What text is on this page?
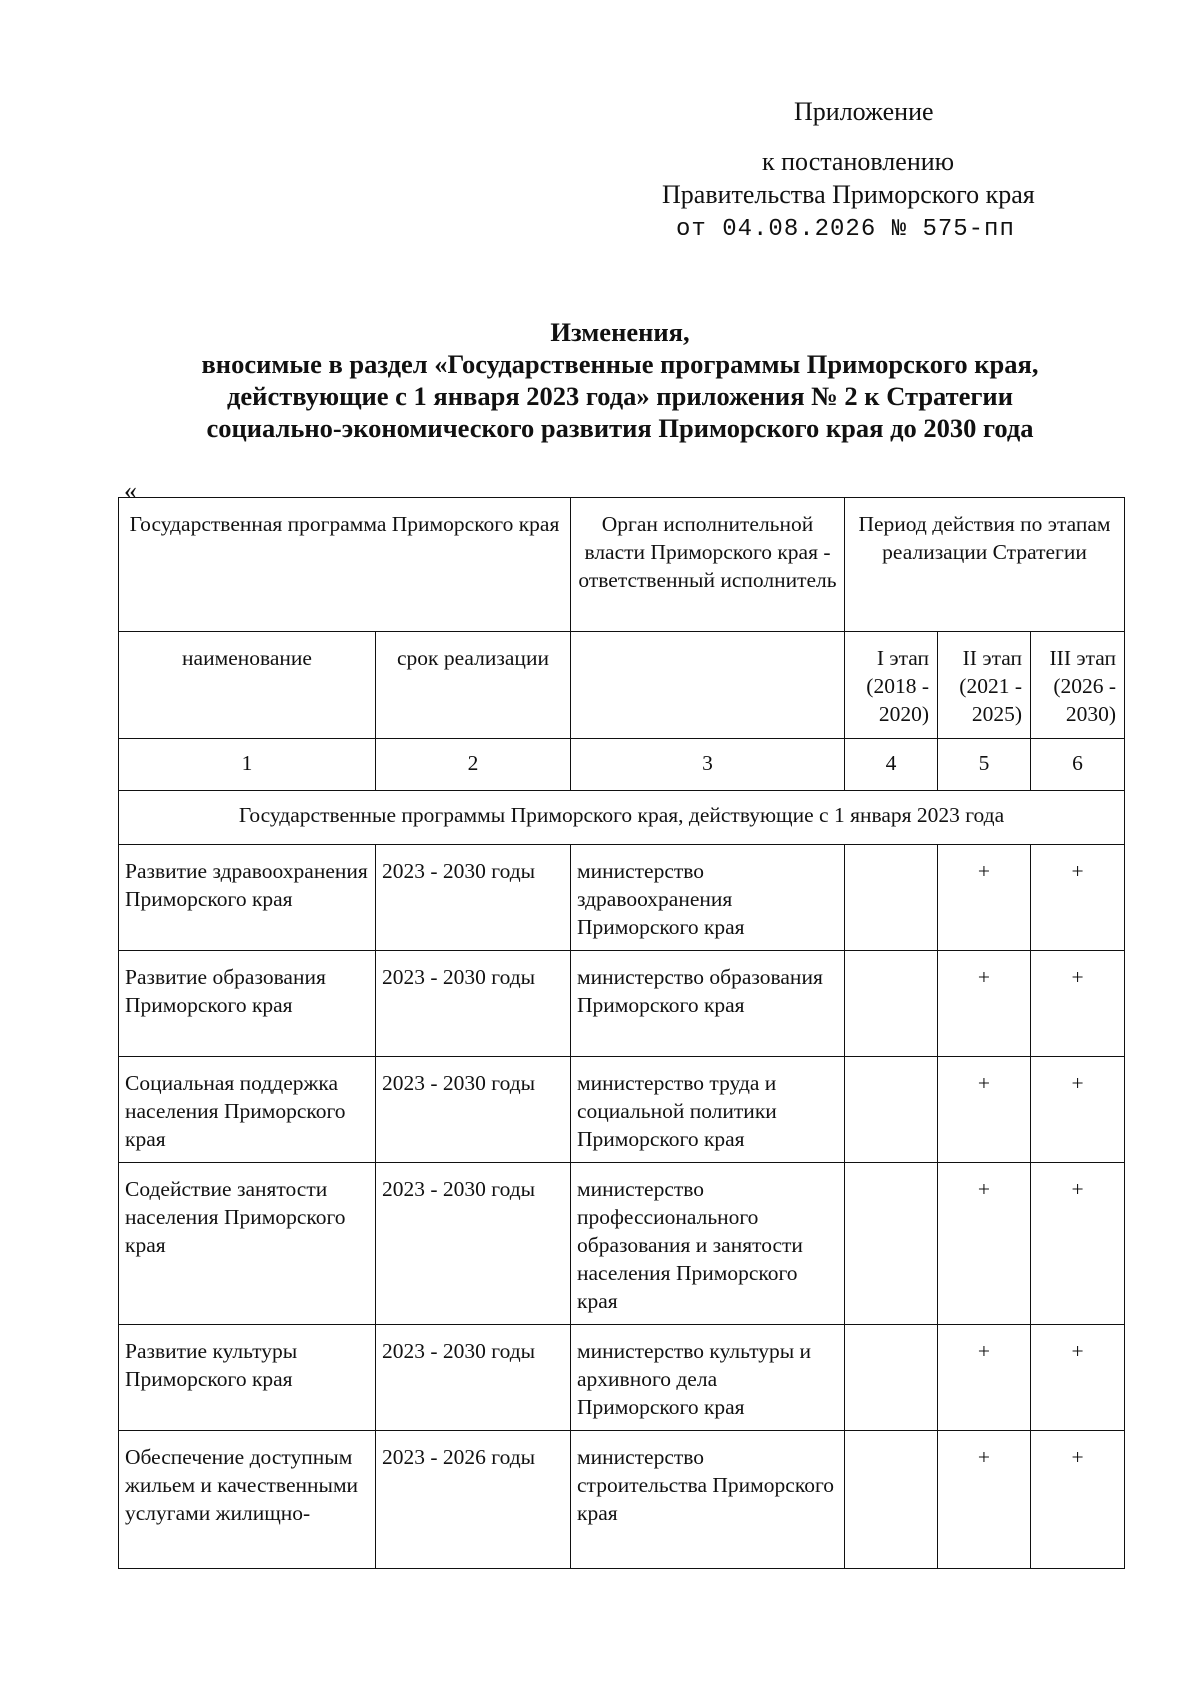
Приложение
к постановлению
Правительства Приморского края
от 04.08.2026 № 575-пп
Изменения,
вносимые в раздел «Государственные программы Приморского края,
действующие с 1 января 2023 года» приложения № 2 к Стратегии
социально-экономического развития Приморского края до 2030 года
«
Государственная программа Приморского края		Орган исполнительной власти Приморского края - ответственный исполнитель	Период действия по этапам реализации Стратегии		
наименование	срок реализации		I этап (2018 - 2020)	II этап (2021 - 2025)	III этап (2026 - 2030)
1	2	3	4	5	6
Государственные программы Приморского края, действующие с 1 января 2023 года					
Развитие здравоохранения Приморского края	2023 - 2030 годы	министерство здравоохранения Приморского края		+	+
Развитие образования Приморского края	2023 - 2030 годы	министерство образования Приморского края		+	+
Социальная поддержка населения Приморского края	2023 - 2030 годы	министерство труда и социальной политики Приморского края		+	+
Содействие занятости населения Приморского края	2023 - 2030 годы	министерство профессионального образования и занятости населения Приморского края		+	+
Развитие культуры Приморского края	2023 - 2030 годы	министерство культуры и архивного дела Приморского края		+	+
Обеспечение доступным жильем и качественными услугами жилищно-	2023 - 2026 годы	министерство строительства Приморского края		+	+
